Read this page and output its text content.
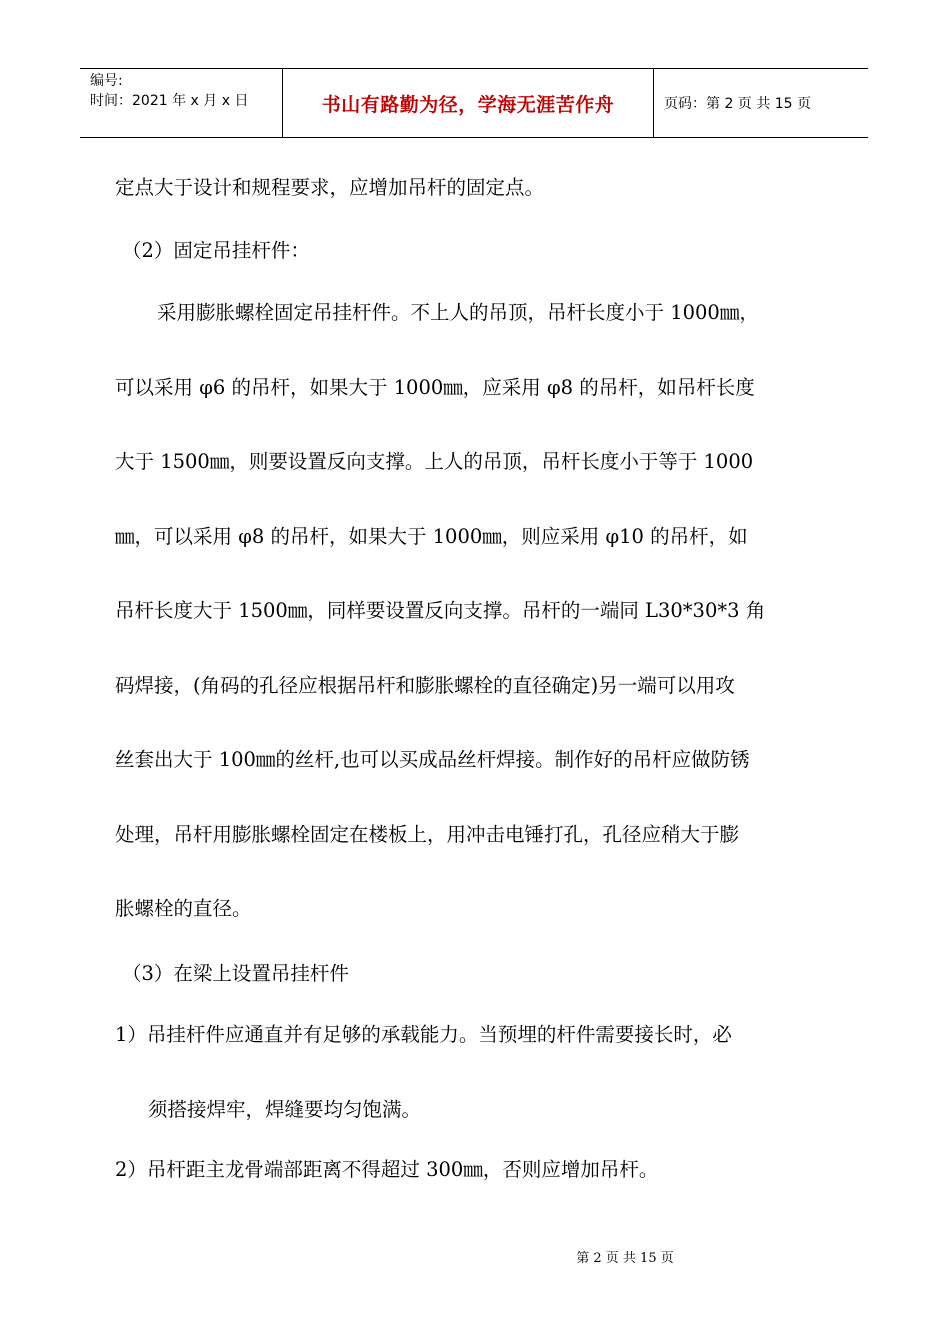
编号:
时间：2021 年 x 月 x 日	书山有路勤为径，学海无涯苦作舟	页码：第 2 页 共 15 页
定点大于设计和规程要求，应增加吊杆的固定点。
（2）固定吊挂杆件：
采用膨胀螺栓固定吊挂杆件。不上人的吊顶，吊杆长度小于 1000㎜，
可以采用 φ6 的吊杆，如果大于 1000㎜，应采用 φ8 的吊杆，如吊杆长度
大于 1500㎜，则要设置反向支撑。上人的吊顶，吊杆长度小于等于 1000
㎜，可以采用 φ8 的吊杆，如果大于 1000㎜，则应采用 φ10 的吊杆，如
吊杆长度大于 1500㎜，同样要设置反向支撑。吊杆的一端同 L30*30*3 角
码焊接，(角码的孔径应根据吊杆和膨胀螺栓的直径确定)另一端可以用攻
丝套出大于 100㎜的丝杆,也可以买成品丝杆焊接。制作好的吊杆应做防锈
处理，吊杆用膨胀螺栓固定在楼板上，用冲击电锤打孔，孔径应稍大于膨
胀螺栓的直径。
（3）在梁上设置吊挂杆件
1）吊挂杆件应通直并有足够的承载能力。当预埋的杆件需要接长时，必
须搭接焊牢，焊缝要均匀饱满。
2）吊杆距主龙骨端部距离不得超过 300㎜，否则应增加吊杆。
第 2 页 共 15 页
